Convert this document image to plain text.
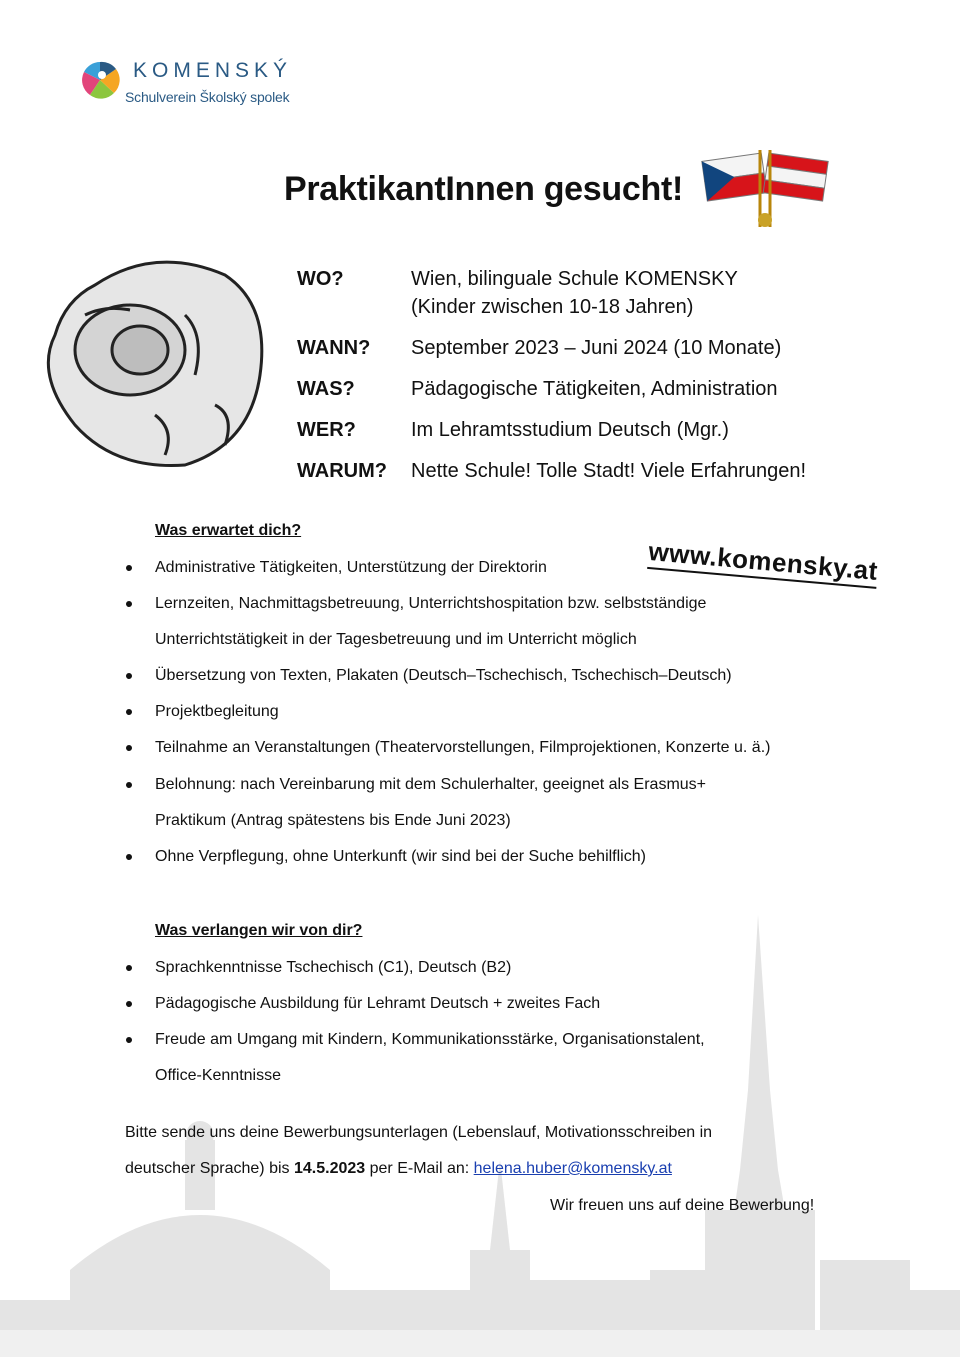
KOMENSKÝ
Schulverein Školský spolek
PraktikantInnen gesucht!
WO?	Wien, bilinguale Schule KOMENSKY
(Kinder zwischen 10-18 Jahren)
WANN? September 2023 – Juni 2024 (10 Monate)
WAS?	Pädagogische Tätigkeiten, Administration
WER?	Im Lehramtsstudium Deutsch (Mgr.)
WARUM? Nette Schule! Tolle Stadt! Viele Erfahrungen!
www.komensky.at
Was erwartet dich?
Administrative Tätigkeiten, Unterstützung der Direktorin
Lernzeiten, Nachmittagsbetreuung, Unterrichtshospitation bzw. selbstständige
Unterrichtstätigkeit in der Tagesbetreuung und im Unterricht möglich
Übersetzung von Texten, Plakaten (Deutsch–Tschechisch, Tschechisch–Deutsch)
Projektbegleitung
Teilnahme an Veranstaltungen (Theatervorstellungen, Filmprojektionen, Konzerte u. ä.)
Belohnung: nach Vereinbarung mit dem Schulerhalter, geeignet als Erasmus+
Praktikum (Antrag spätestens bis Ende Juni 2023)
Ohne Verpflegung, ohne Unterkunft (wir sind bei der Suche behilflich)
Was verlangen wir von dir?
Sprachkenntnisse Tschechisch (C1), Deutsch (B2)
Pädagogische Ausbildung für Lehramt Deutsch + zweites Fach
Freude am Umgang mit Kindern, Kommunikationsstärke, Organisationstalent,
Office-Kenntnisse
Bitte sende uns deine Bewerbungsunterlagen (Lebenslauf, Motivationsschreiben in
deutscher Sprache) bis 14.5.2023 per E-Mail an: helena.huber@komensky.at
Wir freuen uns auf deine Bewerbung!
